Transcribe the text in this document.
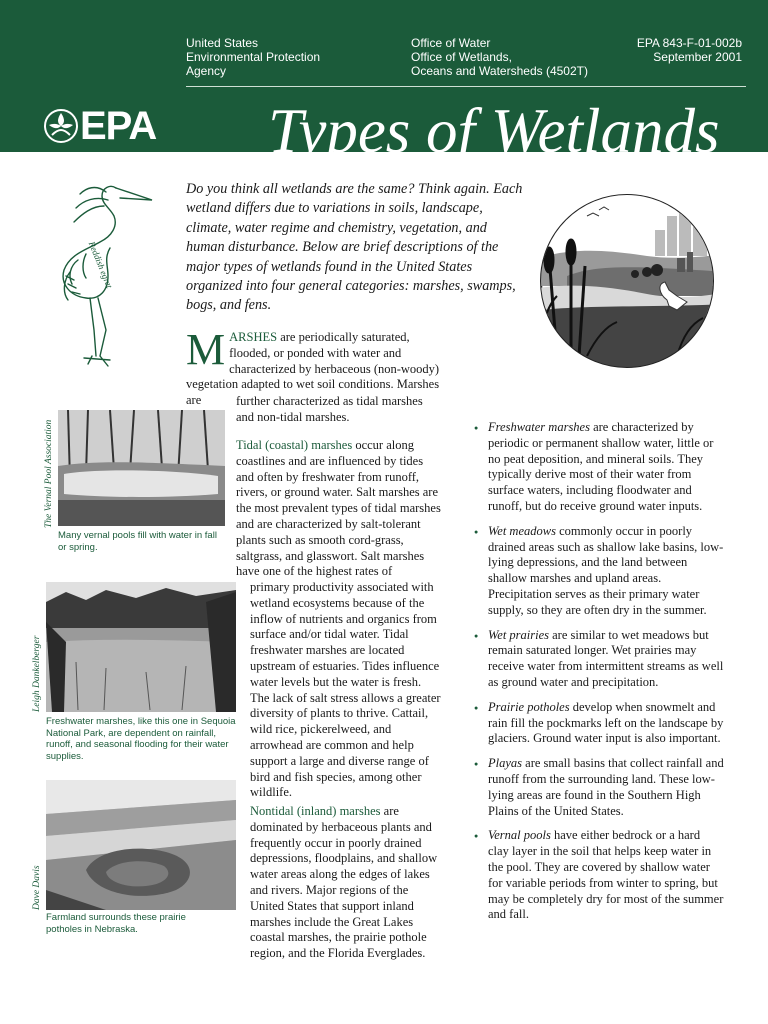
United States
Environmental Protection
Agency
Office of Water
Office of Wetlands,
Oceans and Watersheds (4502T)
EPA 843-F-01-002b
September 2001
EPA Types of Wetlands
Reddish egret
Do you think all wetlands are the same? Think again. Each wetland differs due to variations in soils, landscape, climate, water regime and chemistry, vegetation, and human disturbance. Below are brief descriptions of the major types of wetlands found in the United States organized into four general categories: marshes, swamps, bogs, and fens.
MARSHES are periodically saturated, flooded, or ponded with water and characterized by herbaceous (non-woody) vegetation adapted to wet soil conditions. Marshes are	further characterized as tidal marshes and non-tidal marshes.
Tidal (coastal) marshes occur along coastlines and are influenced by tides and often by freshwater from runoff, rivers, or ground water. Salt marshes are the most prevalent types of tidal marshes and are characterized by salt-tolerant plants such as smooth cord-grass, saltgrass, and glasswort. Salt marshes have one of the highest rates of
primary productivity associated with wetland ecosystems because of the inflow of nutrients and organics from surface and/or tidal water. Tidal freshwater marshes are located upstream of estuaries. Tides influence water levels but the water is fresh. The lack of salt stress allows a greater diversity of plants to thrive. Cattail, wild rice, pickerelweed, and arrowhead are common and help support a large and diverse range of bird and fish species, among other wildlife.
Nontidal (inland) marshes are dominated by herbaceous plants and frequently occur in poorly drained depressions, floodplains, and shallow water areas along the edges of lakes and rivers. Major regions of the United States that support inland marshes include the Great Lakes coastal marshes, the prairie pothole region, and the Florida Everglades.
The Vernal Pool Association
Many vernal pools fill with water in fall or spring.
Leigh Dankelberger
Freshwater marshes, like this one in Sequoia National Park, are dependent on rainfall, runoff, and seasonal flooding for their water supplies.
Dave Davis
Farmland surrounds these prairie potholes in Nebraska.
● Freshwater marshes are characterized by periodic or permanent shallow water, little or no peat deposition, and mineral soils. They typically derive most of their water from surface waters, including floodwater and runoff, but do receive ground water inputs.
● Wet meadows commonly occur in poorly drained areas such as shallow lake basins, low-lying depressions, and the land between shallow marshes and upland areas. Precipitation serves as their primary water supply, so they are often dry in the summer.
● Wet prairies are similar to wet meadows but remain saturated longer. Wet prairies may receive water from intermittent streams as well as ground water and precipitation.
● Prairie potholes develop when snowmelt and rain fill the pockmarks left on the landscape by glaciers. Ground water input is also important.
● Playas are small basins that collect rainfall and runoff from the surrounding land. These low-lying areas are found in the Southern High Plains of the United States.
● Vernal pools have either bedrock or a hard clay layer in the soil that helps keep water in the pool. They are covered by shallow water for variable periods from winter to spring, but may be completely dry for most of the summer and fall.
